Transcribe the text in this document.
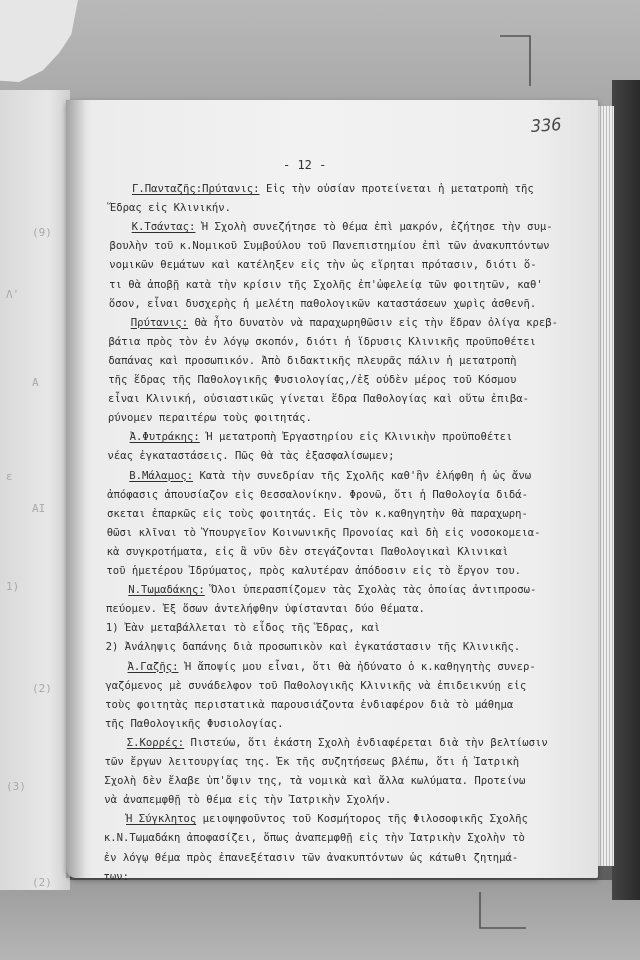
(9)
Λ'
Α
ε
ΑΙ
1)
(2)
(3)
(2)
336
- 12 -
Γ.Πανταζῆς:Πρύτανις: Εἰς τὴν οὐσίαν προτείνεται ἡ μετατροπὴ τῆς
Ἕδρας εἰς Κλινικήν.
Κ.Τσάντας: Ἡ Σχολὴ συνεζήτησε τὸ θέμα ἐπὶ μακρόν, ἐζήτησε τὴν συμ-
βουλὴν τοῦ κ.Νομικοῦ Συμβούλου τοῦ Πανεπιστημίου ἐπὶ τῶν ἀνακυπτόντων
νομικῶν θεμάτων καὶ κατέληξεν εἰς τὴν ὡς εἴρηται πρότασιν, διότι ὅ-
τι θὰ ἀποβῇ κατὰ τὴν κρίσιν τῆς Σχολῆς ἐπ'ὠφελείᾳ τῶν φοιτητῶν, καθ'
ὅσον, εἶναι δυσχερὴς ἡ μελέτη παθολογικῶν καταστάσεων χωρὶς ἀσθενῆ.
Πρύτανις: Θὰ ἦτο δυνατὸν νὰ παραχωρηθῶσιν εἰς τὴν ἕδραν ὀλίγα κρεβ-
βάτια πρὸς τὸν ἐν λόγῳ σκοπόν, διότι ἡ ἵδρυσις Κλινικῆς προϋποθέτει
δαπάνας καὶ προσωπικόν. Ἀπὸ διδακτικῆς πλευρᾶς πάλιν ἡ μετατροπὴ
τῆς ἕδρας τῆς Παθολογικῆς Φυσιολογίας,/ἐξ οὐδὲν μέρος τοῦ Κόσμου
εἶναι Κλινική, οὐσιαστικῶς γίνεται ἕδρα Παθολογίας καὶ οὕτω ἐπιβα-
ρύνομεν περαιτέρω τοὺς φοιτητάς.
Ἀ.Φυτράκης: Ἡ μετατροπὴ Ἐργαστηρίου εἰς Κλινικὴν προϋποθέτει
νέας ἐγκαταστάσεις. Πῶς θὰ τὰς ἐξασφαλίσωμεν;
Β.Μάλαμος: Κατὰ τὴν συνεδρίαν τῆς Σχολῆς καθ'ἣν ἐλήφθη ἡ ὡς ἄνω
ἀπόφασις ἀπουσίαζον εἰς Θεσσαλονίκην. Φρονῶ, ὅτι ἡ Παθολογία διδά-
σκεται ἐπαρκῶς εἰς τοὺς φοιτητάς. Εἰς τὸν κ.καθηγητὴν θὰ παραχωρη-
θῶσι κλῖναι τὸ Ὑπουργεῖον Κοινωνικῆς Προνοίας καὶ δὴ εἰς νοσοκομεια-
κὰ συγκροτήματα, εἰς ἃ νῦν δὲν στεγάζονται Παθολογικαὶ Κλινικαὶ
τοῦ ἡμετέρου Ἱδρύματος, πρὸς καλυτέραν ἀπόδοσιν εἰς τὸ ἔργον του.
Ν.Τωμαδάκης: Ὅλοι ὑπερασπίζομεν τὰς Σχολὰς τὰς ὁποίας ἀντιπροσω-
πεύομεν. Ἐξ ὅσων ἀντελήφθην ὑφίστανται δύο θέματα.
1) Ἐὰν μεταβάλλεται τὸ εἶδος τῆς Ἕδρας, καὶ
2) Ἀνάληψις δαπάνης διὰ προσωπικὸν καὶ ἐγκατάστασιν τῆς Κλινικῆς.
Ἀ.Γαζῆς: Ἡ ἄποψίς μου εἶναι, ὅτι θὰ ἠδύνατο ὁ κ.καθηγητὴς συνερ-
γαζόμενος μὲ συνάδελφον τοῦ Παθολογικῆς Κλινικῆς νὰ ἐπιδεικνύῃ εἰς
τοὺς φοιτητὰς περιστατικὰ παρουσιάζοντα ἐνδιαφέρον διὰ τὸ μάθημα
τῆς Παθολογικῆς Φυσιολογίας.
Σ.Κορρές: Πιστεύω, ὅτι ἑκάστη Σχολὴ ἐνδιαφέρεται διὰ τὴν βελτίωσιν
τῶν ἔργων λειτουργίας της. Ἐκ τῆς συζητήσεως βλέπω, ὅτι ἡ Ἰατρικὴ
Σχολὴ δὲν ἔλαβε ὑπ'ὄψιν της, τὰ νομικὰ καὶ ἄλλα κωλύματα. Προτείνω
νὰ ἀναπεμφθῇ τὸ θέμα εἰς τὴν Ἰατρικὴν Σχολήν.
Ἡ Σύγκλητος μειοψηφοῦντος τοῦ Κοσμήτορος τῆς Φιλοσοφικῆς Σχολῆς
κ.Ν.Τωμαδάκη ἀποφασίζει, ὅπως ἀναπεμφθῇ εἰς τὴν Ἰατρικὴν Σχολὴν τὸ
ἐν λόγῳ θέμα πρὸς ἐπανεξέτασιν τῶν ἀνακυπτόντων ὡς κάτωθι ζητημά-
των:
